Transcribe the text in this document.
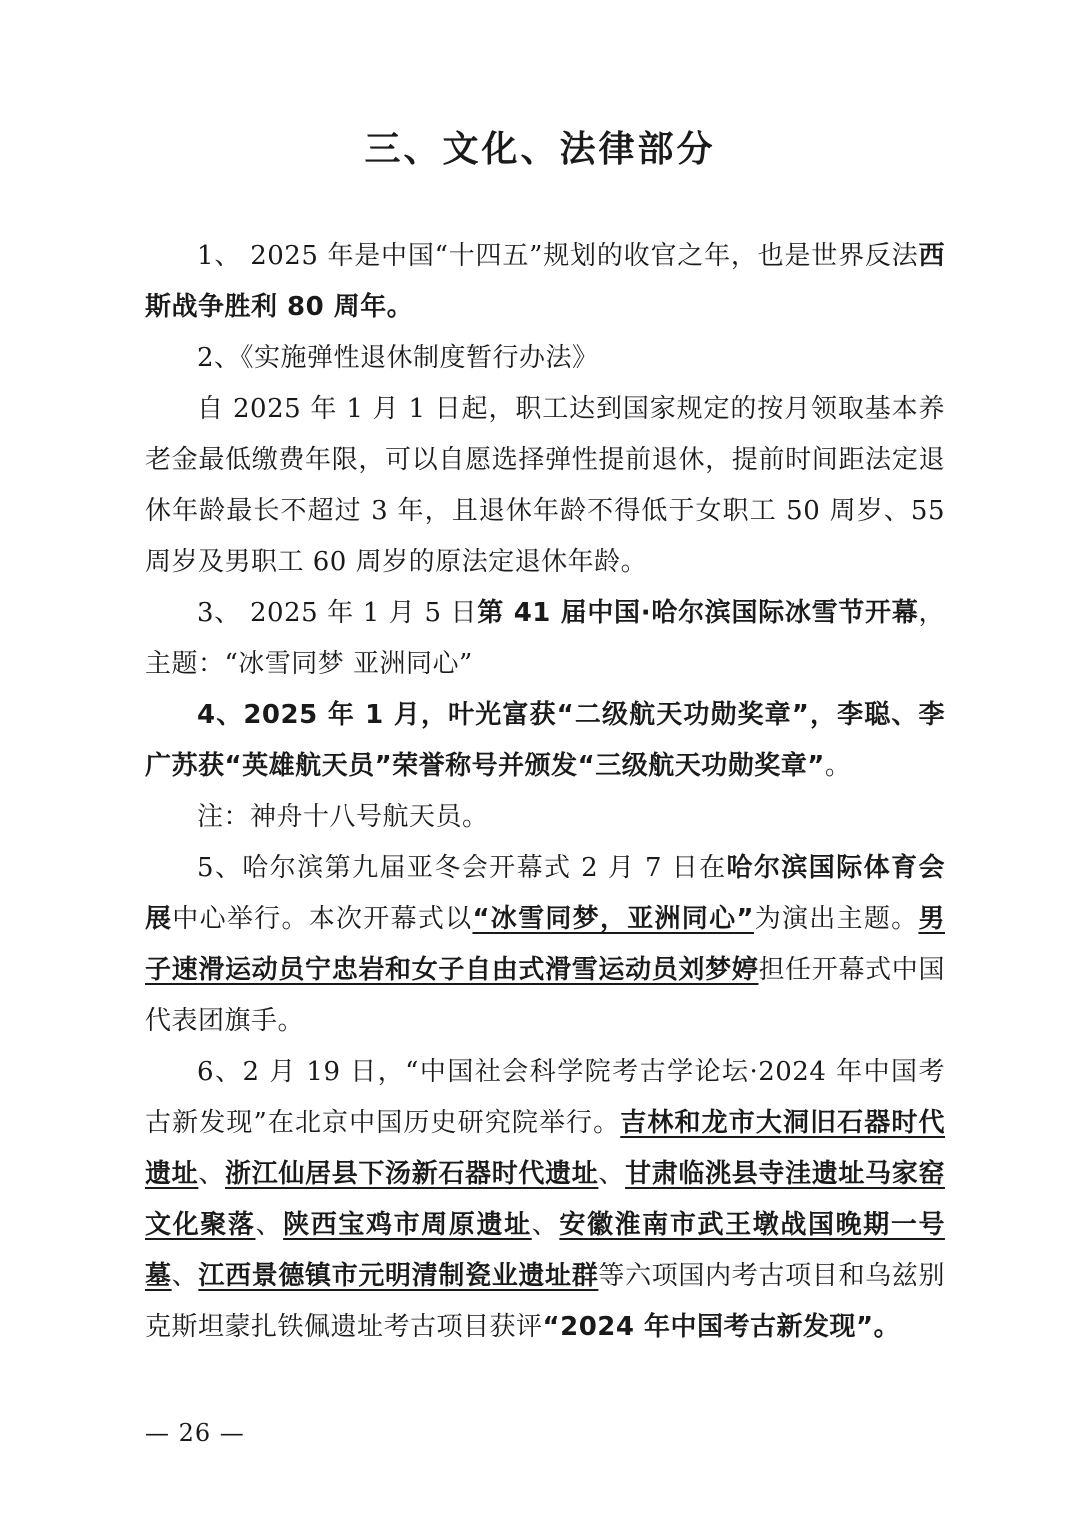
三、文化、法律部分

1、 2025 年是中国“十四五”规划的收官之年，也是世界反法西斯战争胜利 80 周年。

2、《实施弹性退休制度暂行办法》

自 2025 年 1 月 1 日起，职工达到国家规定的按月领取基本养老金最低缴费年限，可以自愿选择弹性提前退休，提前时间距法定退休年龄最长不超过 3 年，且退休年龄不得低于女职工 50 周岁、55 周岁及男职工 60 周岁的原法定退休年龄。

3、 2025 年 1 月 5 日第 41 届中国·哈尔滨国际冰雪节开幕，主题：“冰雪同梦 亚洲同心”

4、2025 年 1 月，叶光富获“二级航天功勋奖章”，李聪、李广苏获“英雄航天员”荣誉称号并颁发“三级航天功勋奖章”。

注：神舟十八号航天员。

5、哈尔滨第九届亚冬会开幕式 2 月 7 日在哈尔滨国际体育会展中心举行。本次开幕式以“冰雪同梦，亚洲同心”为演出主题。男子速滑运动员宁忠岩和女子自由式滑雪运动员刘梦婷担任开幕式中国代表团旗手。

6、2 月 19 日，“中国社会科学院考古学论坛·2024 年中国考古新发现”在北京中国历史研究院举行。吉林和龙市大洞旧石器时代遗址、浙江仙居县下汤新石器时代遗址、甘肃临洮县寺洼遗址马家窑文化聚落、陕西宝鸡市周原遗址、安徽淮南市武王墩战国晚期一号墓、江西景德镇市元明清制瓷业遗址群等六项国内考古项目和乌兹别克斯坦蒙扎铁佩遗址考古项目获评“2024 年中国考古新发现”。

— 26 —
